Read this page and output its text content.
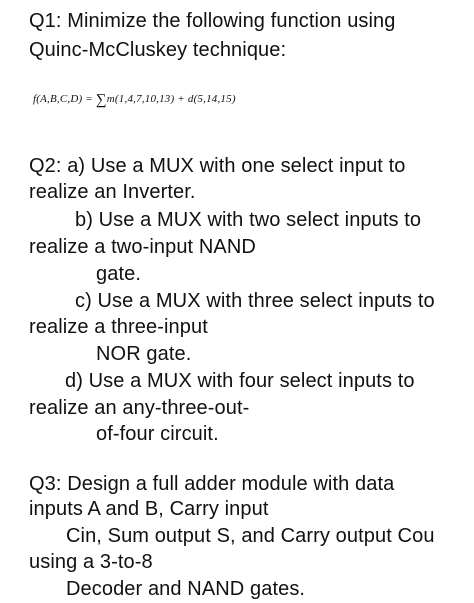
Q1: Minimize the following function using
Quinc-McCluskey technique:
f(A,B,C,D) = ∑m(1,4,7,10,13) + d(5,14,15)
Q2: a) Use a MUX with one select input to
realize an Inverter.
b) Use a MUX with two select inputs to
realize a two-input NAND
gate.
c) Use a MUX with three select inputs to
realize a three-input
NOR gate.
d) Use a MUX with four select inputs to
realize an any-three-out-
of-four circuit.
Q3: Design a full adder module with data
inputs A and B, Carry input
Cin, Sum output S, and Carry output Cou
using a 3-to-8
Decoder and NAND gates.
